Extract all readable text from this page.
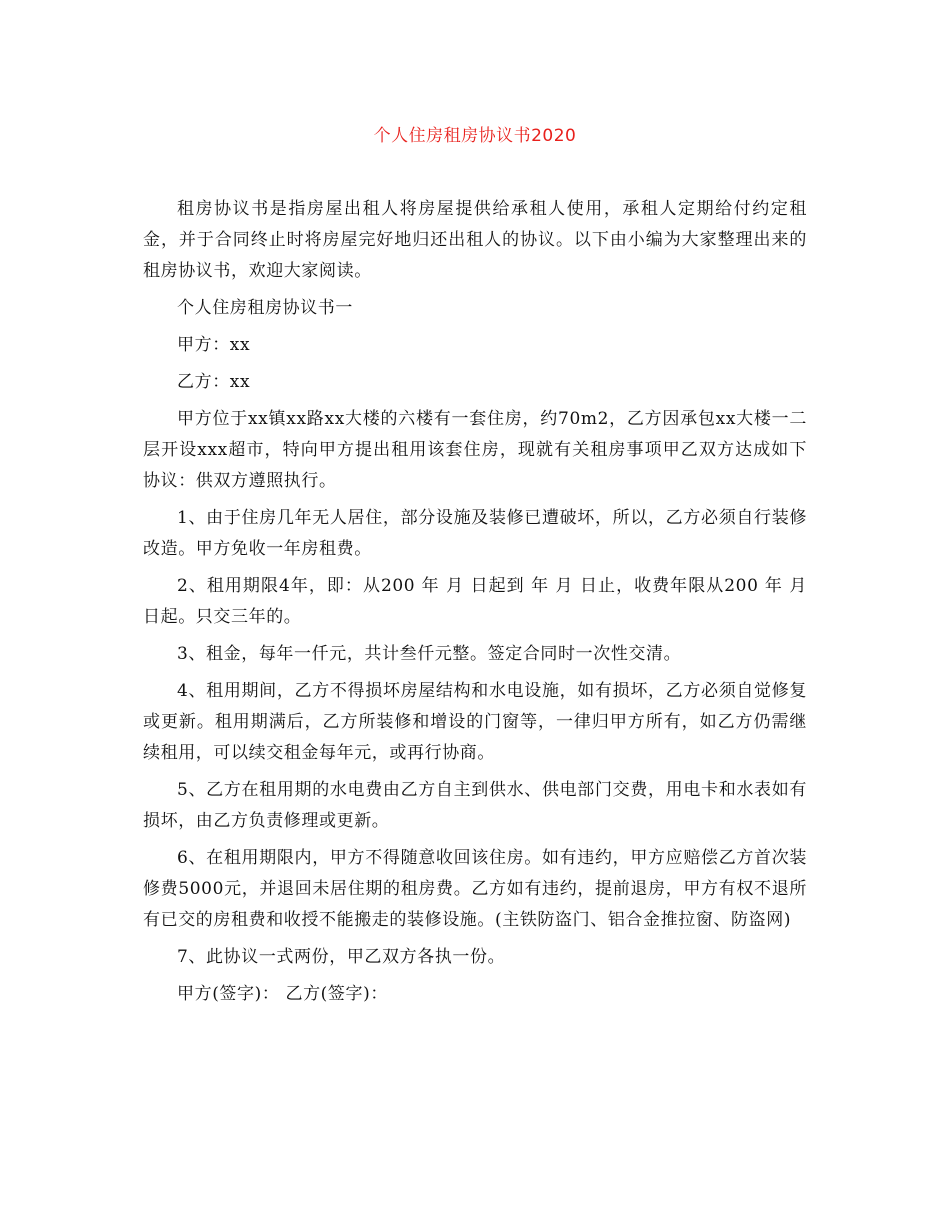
个人住房租房协议书2020

租房协议书是指房屋出租人将房屋提供给承租人使用，承租人定期给付约定租金，并于合同终止时将房屋完好地归还出租人的协议。以下由小编为大家整理出来的租房协议书，欢迎大家阅读。

个人住房租房协议书一

甲方：xx

乙方：xx

甲方位于xx镇xx路xx大楼的六楼有一套住房，约70m2，乙方因承包xx大楼一二层开设xxx超市，特向甲方提出租用该套住房，现就有关租房事项甲乙双方达成如下协议：供双方遵照执行。

1、由于住房几年无人居住，部分设施及装修已遭破坏，所以，乙方必须自行装修改造。甲方免收一年房租费。

2、租用期限4年，即：从200 年 月 日起到 年 月 日止，收费年限从200 年 月 日起。只交三年的。

3、租金，每年一仟元，共计叁仟元整。签定合同时一次性交清。

4、租用期间，乙方不得损坏房屋结构和水电设施，如有损坏，乙方必须自觉修复或更新。租用期满后，乙方所装修和增设的门窗等，一律归甲方所有，如乙方仍需继续租用，可以续交租金每年元，或再行协商。

5、乙方在租用期的水电费由乙方自主到供水、供电部门交费，用电卡和水表如有损坏，由乙方负责修理或更新。

6、在租用期限内，甲方不得随意收回该住房。如有违约，甲方应赔偿乙方首次装修费5000元，并退回未居住期的租房费。乙方如有违约，提前退房，甲方有权不退所有已交的房租费和收授不能搬走的装修设施。(主铁防盗门、铝合金推拉窗、防盗网)

7、此协议一式两份，甲乙双方各执一份。

甲方(签字)： 乙方(签字)：
